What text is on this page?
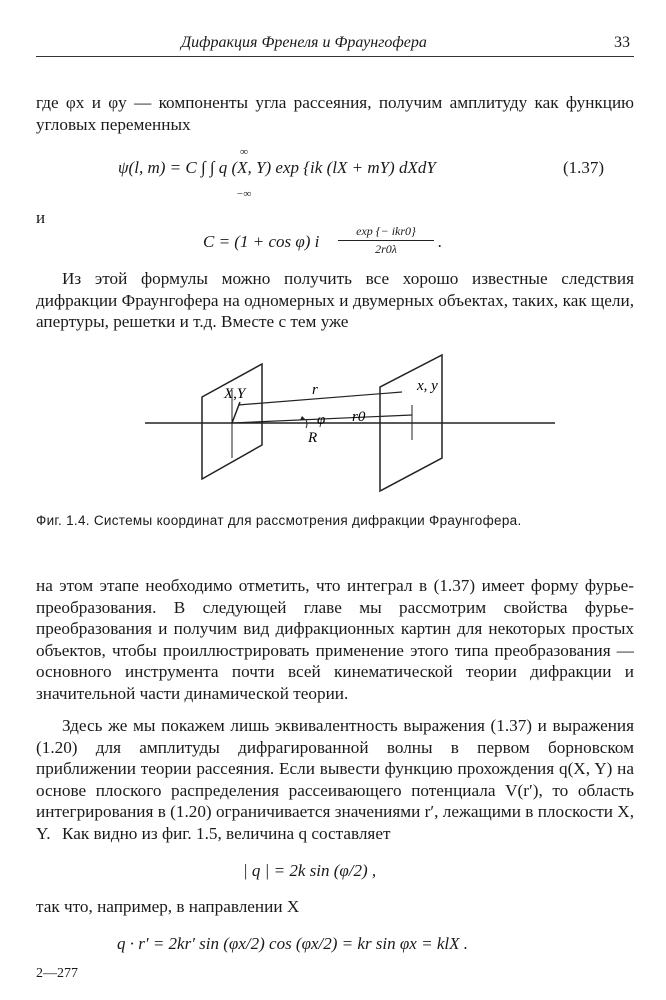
Дифракция Френеля и Фраунгофера	33

где φx и φy — компоненты угла рассеяния, получим амплитуду как функцию угловых переменных

ψ(l, m) = C ∫ ∫ q (X, Y) exp {ik (lX + mY) dXdY
∞
−∞
(1.37)
и
C = (1 + cos φ) i
exp {− ikr0}
2r0λ	.

Из этой формулы можно получить все хорошо известные следствия дифракции Фраунгофера на одномерных и двумерных объектах, таких, как щели, апертуры, решетки и т.д. Вместе с тем уже

X,Y	x, y
r
φ r0
R
Фиг. 1.4. Системы координат для рассмотрения дифракции Фраунгофера.

на этом этапе необходимо отметить, что интеграл в (1.37) имеет форму фурье-преобразования. В следующей главе мы рассмотрим свойства фурье-преобразования и получим вид дифракционных картин для некоторых простых объектов, чтобы проиллюстрировать применение этого типа преобразования — основного инструмента почти всей кинематической теории дифракции и значительной части динамической теории.

Здесь же мы покажем лишь эквивалентность выражения (1.37) и выражения (1.20) для амплитуды дифрагированной волны в первом борновском приближении теории рассеяния. Если вывести функцию прохождения q(X, Y) на основе плоского распределения рассеивающего потенциала V(r′), то область интегрирования в (1.20) ограничивается значениями r′, лежащими в плоскости X, Y. Как видно из фиг. 1.5, величина q составляет

| q | = 2k sin (φ/2) ,

так что, например, в направлении X

q · r′ = 2kr′ sin (φx/2) cos (φx/2) = kr sin φx = klX .
2—277
